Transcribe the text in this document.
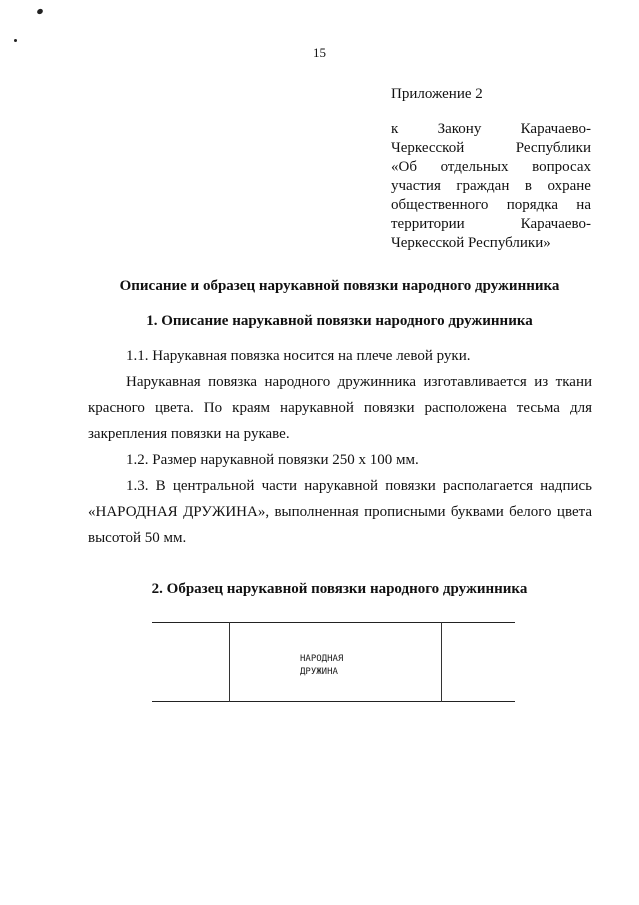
15
Приложение 2
к	Закону	Карачаево-
Черкесской	Республики
«Об отдельных вопросах
участия граждан в охране
общественного порядка на
территории	Карачаево-
Черкесской Республики»
Описание и образец нарукавной повязки народного дружинника
1. Описание нарукавной повязки народного дружинника
1.1. Нарукавная повязка носится на плече левой руки.
Нарукавная повязка народного дружинника изготавливается из ткани красного цвета. По краям нарукавной повязки расположена тесьма для закрепления повязки на рукаве.
1.2. Размер нарукавной повязки 250 х 100 мм.
1.3. В центральной части нарукавной повязки располагается надпись «НАРОДНАЯ ДРУЖИНА», выполненная прописными буквами белого цвета высотой 50 мм.
2. Образец нарукавной повязки народного дружинника
НАРОДНАЯ
ДРУЖИНА
